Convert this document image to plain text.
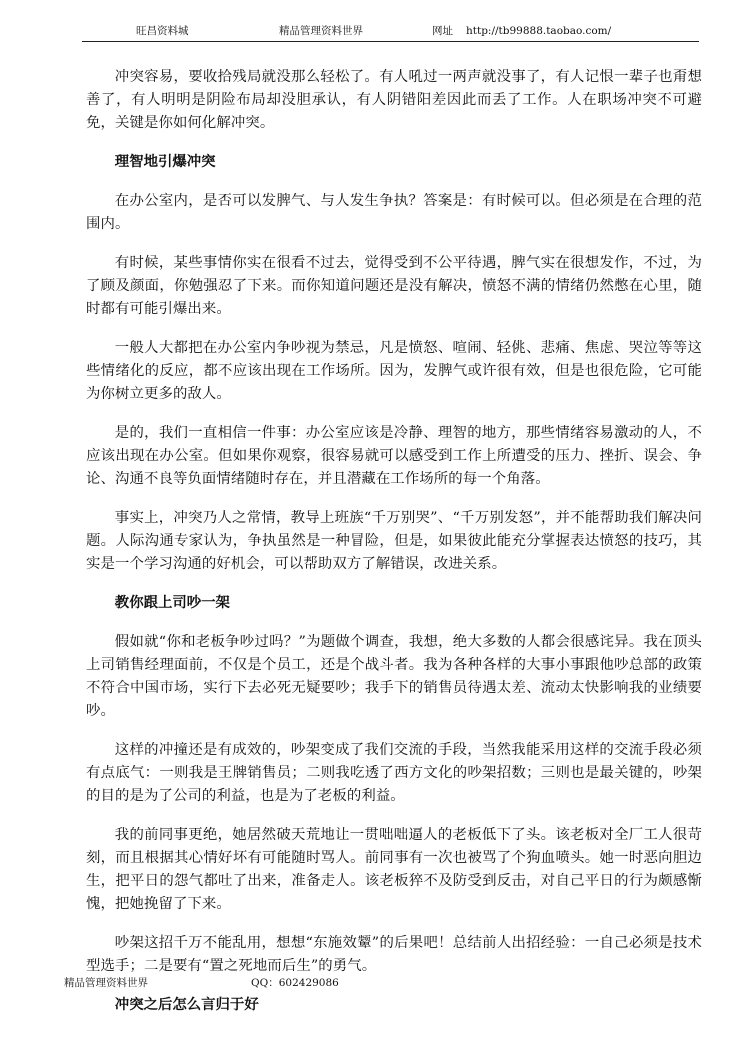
旺昌资料城	精品管理资料世界	网址 http://tb99888.taobao.com/

冲突容易，要收拾残局就没那么轻松了。有人吼过一两声就没事了，有人记恨一辈子也甭想善了，有人明明是阴险布局却没胆承认，有人阴错阳差因此而丢了工作。人在职场冲突不可避免，关键是你如何化解冲突。

理智地引爆冲突

在办公室内，是否可以发脾气、与人发生争执？答案是：有时候可以。但必须是在合理的范围内。

有时候，某些事情你实在很看不过去，觉得受到不公平待遇，脾气实在很想发作，不过，为了顾及颜面，你勉强忍了下来。而你知道问题还是没有解决，愤怒不满的情绪仍然憋在心里，随时都有可能引爆出来。

一般人大都把在办公室内争吵视为禁忌，凡是愤怒、喧闹、轻佻、悲痛、焦虑、哭泣等等这些情绪化的反应，都不应该出现在工作场所。因为，发脾气或许很有效，但是也很危险，它可能为你树立更多的敌人。

是的，我们一直相信一件事：办公室应该是冷静、理智的地方，那些情绪容易激动的人，不应该出现在办公室。但如果你观察，很容易就可以感受到工作上所遭受的压力、挫折、误会、争论、沟通不良等负面情绪随时存在，并且潜藏在工作场所的每一个角落。

事实上，冲突乃人之常情，教导上班族“千万别哭”、“千万别发怒”，并不能帮助我们解决问题。人际沟通专家认为，争执虽然是一种冒险，但是，如果彼此能充分掌握表达愤怒的技巧，其实是一个学习沟通的好机会，可以帮助双方了解错误，改进关系。

教你跟上司吵一架

假如就“你和老板争吵过吗？”为题做个调查，我想，绝大多数的人都会很感诧异。我在顶头上司销售经理面前，不仅是个员工，还是个战斗者。我为各种各样的大事小事跟他吵总部的政策不符合中国市场，实行下去必死无疑要吵；我手下的销售员待遇太差、流动太快影响我的业绩要吵。

这样的冲撞还是有成效的，吵架变成了我们交流的手段，当然我能采用这样的交流手段必须有点底气：一则我是王牌销售员；二则我吃透了西方文化的吵架招数；三则也是最关键的，吵架的目的是为了公司的利益，也是为了老板的利益。

我的前同事更绝，她居然破天荒地让一贯咄咄逼人的老板低下了头。该老板对全厂工人很苛刻，而且根据其心情好坏有可能随时骂人。前同事有一次也被骂了个狗血喷头。她一时恶向胆边生，把平日的怨气都吐了出来，准备走人。该老板猝不及防受到反击，对自己平日的行为颇感惭愧，把她挽留了下来。

吵架这招千万不能乱用，想想“东施效颦”的后果吧！总结前人出招经验：一自己必须是技术型选手；二是要有“置之死地而后生”的勇气。

冲突之后怎么言归于好
精品管理资料世界	QQ：602429086
